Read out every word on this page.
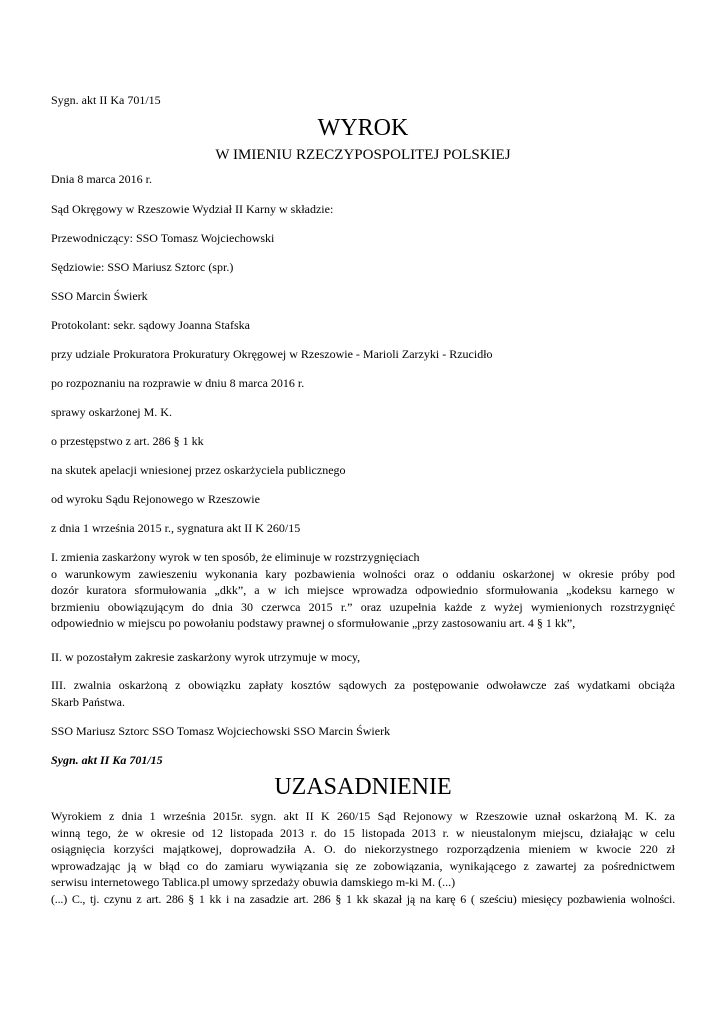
Sygn. akt II Ka 701/15
WYROK
W IMIENIU RZECZYPOSPOLITEJ POLSKIEJ
Dnia 8 marca 2016 r.
Sąd Okręgowy w Rzeszowie Wydział II Karny w składzie:
Przewodniczący: SSO Tomasz Wojciechowski
Sędziowie: SSO Mariusz Sztorc (spr.)
SSO Marcin Świerk
Protokolant: sekr. sądowy Joanna Stafska
przy udziale Prokuratora Prokuratury Okręgowej w Rzeszowie - Marioli Zarzyki - Rzucidło
po rozpoznaniu na rozprawie w dniu 8 marca 2016 r.
sprawy oskarżonej M. K.
o przestępstwo z art. 286 § 1 kk
na skutek apelacji wniesionej przez oskarżyciela publicznego
od wyroku Sądu Rejonowego w Rzeszowie
z dnia 1 września 2015 r., sygnatura akt II K 260/15
I. zmienia zaskarżony wyrok w ten sposób, że eliminuje w rozstrzygnięciach
o warunkowym zawieszeniu wykonania kary pozbawienia wolności oraz o oddaniu oskarżonej w okresie próby pod
dozór kuratora sformułowania „dkk”, a w ich miejsce wprowadza odpowiednio sformułowania „kodeksu karnego w
brzmieniu obowiązującym do dnia 30 czerwca 2015 r.” oraz uzupełnia każde z wyżej wymienionych rozstrzygnięć
odpowiednio w miejscu po powołaniu podstawy prawnej o sformułowanie „przy zastosowaniu art. 4 § 1 kk”,
II. w pozostałym zakresie zaskarżony wyrok utrzymuje w mocy,
III. zwalnia oskarżoną z obowiązku zapłaty kosztów sądowych za postępowanie odwoławcze zaś wydatkami obciąża
Skarb Państwa.
SSO Mariusz Sztorc SSO Tomasz Wojciechowski SSO Marcin Świerk
Sygn. akt II Ka 701/15
UZASADNIENIE
Wyrokiem z dnia 1 września 2015r. sygn. akt II K 260/15 Sąd Rejonowy w Rzeszowie uznał oskarżoną M. K. za
winną tego, że w okresie od 12 listopada 2013 r. do 15 listopada 2013 r. w nieustalonym miejscu, działając w celu
osiągnięcia korzyści majątkowej, doprowadziła A. O. do niekorzystnego rozporządzenia mieniem w kwocie 220 zł
wprowadzając ją w błąd co do zamiaru wywiązania się ze zobowiązania, wynikającego z zawartej za pośrednictwem
serwisu internetowego Tablica.pl umowy sprzedaży obuwia damskiego m-ki M. (...)
(...) C., tj. czynu z art. 286 § 1 kk i na zasadzie art. 286 § 1 kk skazał ją na karę 6 ( sześciu) miesięcy pozbawienia wolności.
